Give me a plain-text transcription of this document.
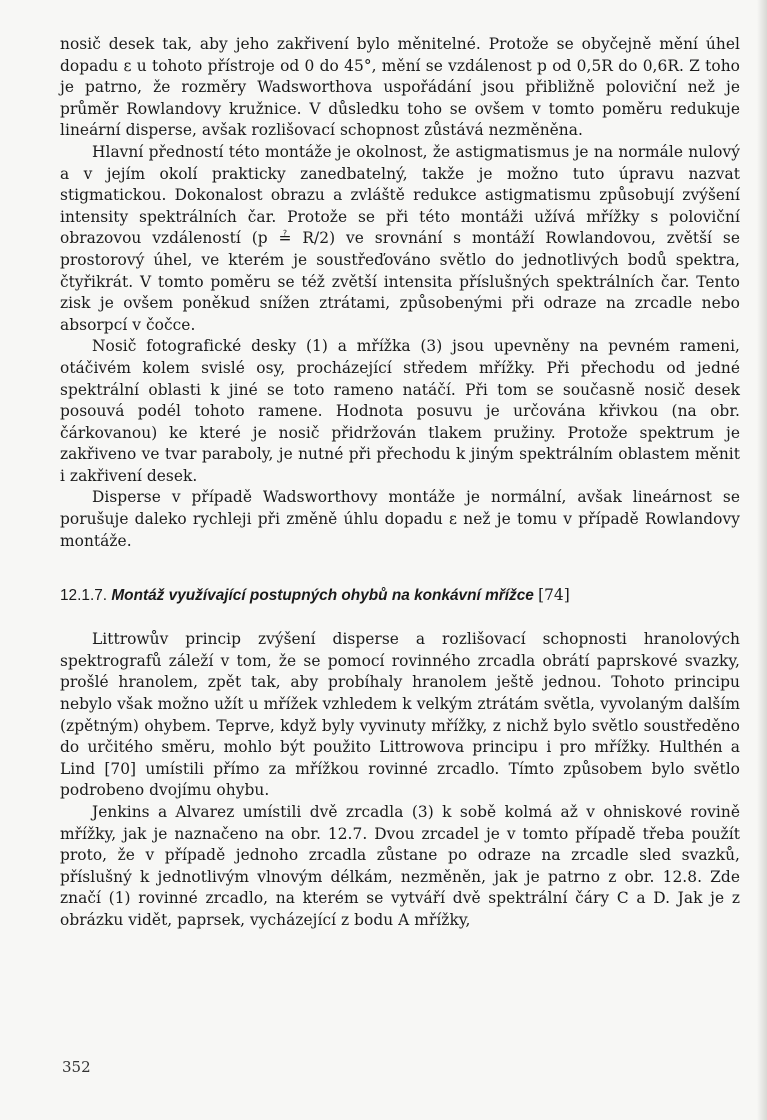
nosič desek tak, aby jeho zakřivení bylo měnitelné. Protože se obyčejně mění úhel dopadu ε u tohoto přístroje od 0 do 45°, mění se vzdálenost p od 0,5R do 0,6R. Z toho je patrno, že rozměry Wadsworthova uspořádání jsou přibližně poloviční než je průměr Rowlandovy kružnice. V důsledku toho se ovšem v tomto poměru redukuje lineární disperse, avšak rozlišovací schopnost zůstává nezměněna.

Hlavní předností této montáže je okolnost, že astigmatismus je na normále nulový a v jejím okolí prakticky zanedbatelný, takže je možno tuto úpravu nazvat stigmatickou. Dokonalost obrazu a zvláště redukce astigmatismu způsobují zvýšení intensity spektrálních čar. Protože se při této montáži užívá mřížky s poloviční obrazovou vzdáleností (p ≟ R/2) ve srovnání s montáží Rowlandovou, zvětší se prostorový úhel, ve kterém je soustřeďováno světlo do jednotlivých bodů spektra, čtyřikrát. V tomto poměru se též zvětší intensita příslušných spektrálních čar. Tento zisk je ovšem poněkud snížen ztrátami, způsobenými při odraze na zrcadle nebo absorpcí v čočce.

Nosič fotografické desky (1) a mřížka (3) jsou upevněny na pevném rameni, otáčivém kolem svislé osy, procházející středem mřížky. Při přechodu od jedné spektrální oblasti k jiné se toto rameno natáčí. Při tom se současně nosič desek posouvá podél tohoto ramene. Hodnota posuvu je určována křivkou (na obr. čárkovanou) ke které je nosič přidržován tlakem pružiny. Protože spektrum je zakřiveno ve tvar paraboly, je nutné při přechodu k jiným spektrálním oblastem měnit i zakřivení desek.

Disperse v případě Wadsworthovy montáže je normální, avšak lineárnost se porušuje daleko rychleji při změně úhlu dopadu ε než je tomu v případě Rowlandovy montáže.

12.1.7. Montáž využívající postupných ohybů na konkávní mřížce [74]

Littrowův princip zvýšení disperse a rozlišovací schopnosti hranolových spektrografů záleží v tom, že se pomocí rovinného zrcadla obrátí paprskové svazky, prošlé hranolem, zpět tak, aby probíhaly hranolem ještě jednou. Tohoto principu nebylo však možno užít u mřížek vzhledem k velkým ztrátám světla, vyvolaným dalším (zpětným) ohybem. Teprve, když byly vyvinuty mřížky, z nichž bylo světlo soustředěno do určitého směru, mohlo být použito Littrowova principu i pro mřížky. Hulthén a Lind [70] umístili přímo za mřížkou rovinné zrcadlo. Tímto způsobem bylo světlo podrobeno dvojímu ohybu.

Jenkins a Alvarez umístili dvě zrcadla (3) k sobě kolmá až v ohniskové rovině mřížky, jak je naznačeno na obr. 12.7. Dvou zrcadel je v tomto případě třeba použít proto, že v případě jednoho zrcadla zůstane po odraze na zrcadle sled svazků, příslušný k jednotlivým vlnovým délkám, nezměněn, jak je patrno z obr. 12.8. Zde značí (1) rovinné zrcadlo, na kterém se vytváří dvě spektrální čáry C a D. Jak je z obrázku vidět, paprsek, vycházející z bodu A mřížky,

352
